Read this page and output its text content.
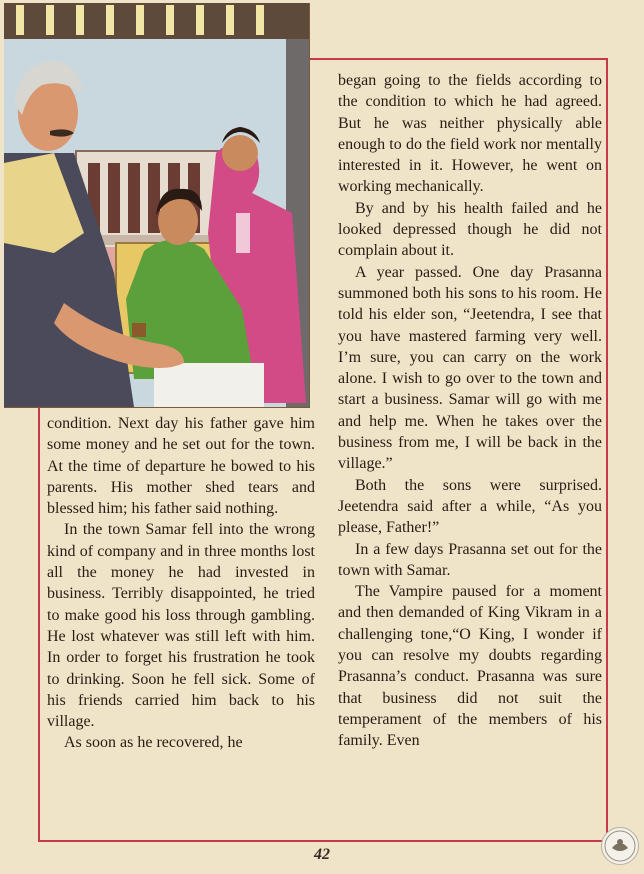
began going to the fields according to the condition to which he had agreed. But he was neither physically able enough to do the field work nor mentally interested in it. However, he went on working mechanically.

By and by his health failed and he looked depressed though he did not complain about it.

A year passed. One day Prasanna summoned both his sons to his room. He told his elder son, “Jeetendra, I see that you have mastered farming very well. I’m sure, you can carry on the work alone. I wish to go over to the town and start a business. Samar will go with me and help me. When he takes over the business from me, I will be back in the village.”

Both the sons were surprised. Jeetendra said after a while, “As you please, Father!”

In a few days Prasanna set out for the town with Samar.

The Vampire paused for a moment and then demanded of King Vikram in a challenging tone,“O King, I wonder if you can resolve my doubts regarding Prasanna’s conduct. Prasanna was sure that business did not suit the temperament of the members of his family. Even

condition. Next day his father gave him some money and he set out for the town. At the time of departure he bowed to his parents. His mother shed tears and blessed him; his father said nothing.

In the town Samar fell into the wrong kind of company and in three months lost all the money he had invested in business. Terribly disappointed, he tried to make good his loss through gambling. He lost whatever was still left with him. In order to forget his frustration he took to drinking. Soon he fell sick. Some of his friends carried him back to his village.

As soon as he recovered, he

42
